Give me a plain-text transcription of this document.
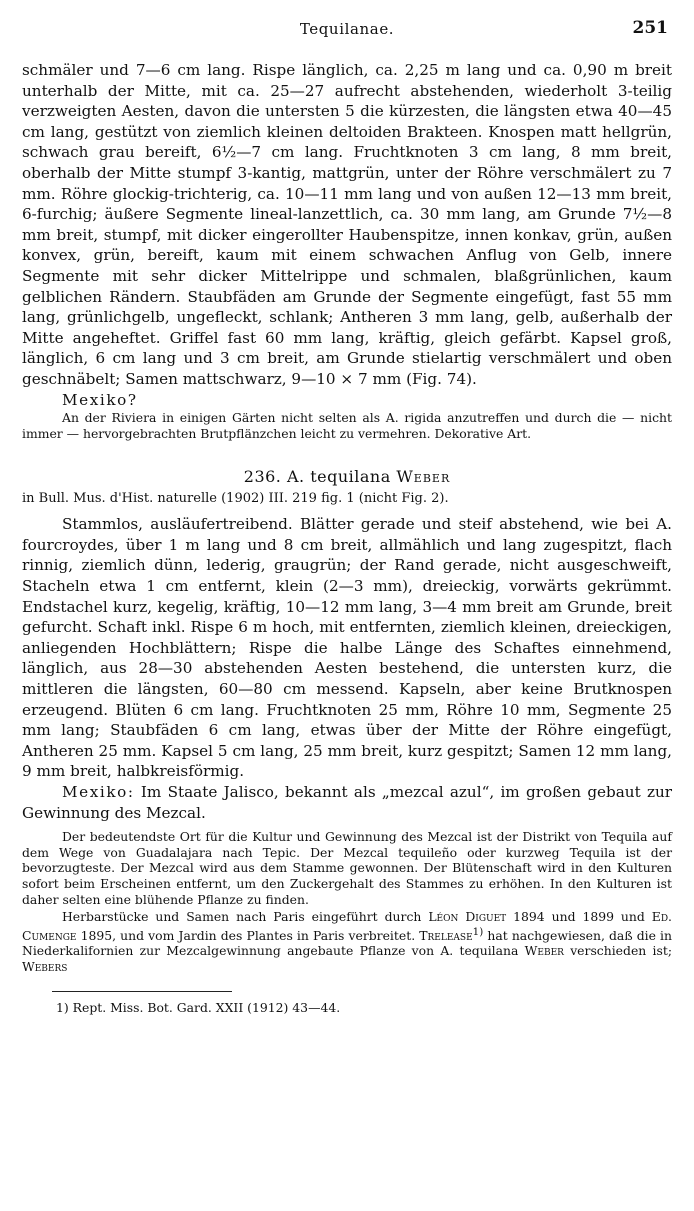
Tequilanae.	251

schmäler und 7—6 cm lang. Rispe länglich, ca. 2,25 m lang und ca. 0,90 m breit unterhalb der Mitte, mit ca. 25—27 aufrecht abstehenden, wiederholt 3-teilig verzweigten Aesten, davon die untersten 5 die kürzesten, die längsten etwa 40—45 cm lang, gestützt von ziemlich kleinen deltoiden Brakteen. Knospen matt hellgrün, schwach grau bereift, 6½—7 cm lang. Fruchtknoten 3 cm lang, 8 mm breit, oberhalb der Mitte stumpf 3-kantig, mattgrün, unter der Röhre verschmälert zu 7 mm. Röhre glockig-trichterig, ca. 10—11 mm lang und von außen 12—13 mm breit, 6-furchig; äußere Segmente lineal-lanzettlich, ca. 30 mm lang, am Grunde 7½—8 mm breit, stumpf, mit dicker eingerollter Haubenspitze, innen konkav, grün, außen konvex, grün, bereift, kaum mit einem schwachen Anflug von Gelb, innere Segmente mit sehr dicker Mittelrippe und schmalen, blaßgrünlichen, kaum gelblichen Rändern. Staubfäden am Grunde der Segmente eingefügt, fast 55 mm lang, grünlichgelb, ungefleckt, schlank; Antheren 3 mm lang, gelb, außerhalb der Mitte angeheftet. Griffel fast 60 mm lang, kräftig, gleich gefärbt. Kapsel groß, länglich, 6 cm lang und 3 cm breit, am Grunde stielartig verschmälert und oben geschnäbelt; Samen mattschwarz, 9—10 × 7 mm (Fig. 74).

Mexiko?

An der Riviera in einigen Gärten nicht selten als A. rigida anzutreffen und durch die — nicht immer — hervorgebrachten Brutpflänzchen leicht zu vermehren. Dekorative Art.

236. A. tequilana Weber

in Bull. Mus. d'Hist. naturelle (1902) III. 219 fig. 1 (nicht Fig. 2).

Stammlos, ausläufertreibend. Blätter gerade und steif abstehend, wie bei A. fourcroydes, über 1 m lang und 8 cm breit, allmählich und lang zugespitzt, flach rinnig, ziemlich dünn, lederig, graugrün; der Rand gerade, nicht ausgeschweift, Stacheln etwa 1 cm entfernt, klein (2—3 mm), dreieckig, vorwärts gekrümmt. Endstachel kurz, kegelig, kräftig, 10—12 mm lang, 3—4 mm breit am Grunde, breit gefurcht. Schaft inkl. Rispe 6 m hoch, mit entfernten, ziemlich kleinen, dreieckigen, anliegenden Hochblättern; Rispe die halbe Länge des Schaftes einnehmend, länglich, aus 28—30 abstehenden Aesten bestehend, die untersten kurz, die mittleren die längsten, 60—80 cm messend. Kapseln, aber keine Brutknospen erzeugend. Blüten 6 cm lang. Fruchtknoten 25 mm, Röhre 10 mm, Segmente 25 mm lang; Staubfäden 6 cm lang, etwas über der Mitte der Röhre eingefügt, Antheren 25 mm. Kapsel 5 cm lang, 25 mm breit, kurz gespitzt; Samen 12 mm lang, 9 mm breit, halbkreisförmig.

Mexiko: Im Staate Jalisco, bekannt als „mezcal azul“, im großen gebaut zur Gewinnung des Mezcal.

Der bedeutendste Ort für die Kultur und Gewinnung des Mezcal ist der Distrikt von Tequila auf dem Wege von Guadalajara nach Tepic. Der Mezcal tequileño oder kurzweg Tequila ist der bevorzugteste. Der Mezcal wird aus dem Stamme gewonnen. Der Blütenschaft wird in den Kulturen sofort beim Erscheinen entfernt, um den Zuckergehalt des Stammes zu erhöhen. In den Kulturen ist daher selten eine blühende Pflanze zu finden.

Herbarstücke und Samen nach Paris eingeführt durch Léon Diguet 1894 und 1899 und Ed. Cumenge 1895, und vom Jardin des Plantes in Paris verbreitet. Trelease$^{1)}$ hat nachgewiesen, daß die in Niederkalifornien zur Mezcalgewinnung angebaute Pflanze von A. tequilana Weber verschieden ist; Webers

1) Rept. Miss. Bot. Gard. XXII (1912) 43—44.
